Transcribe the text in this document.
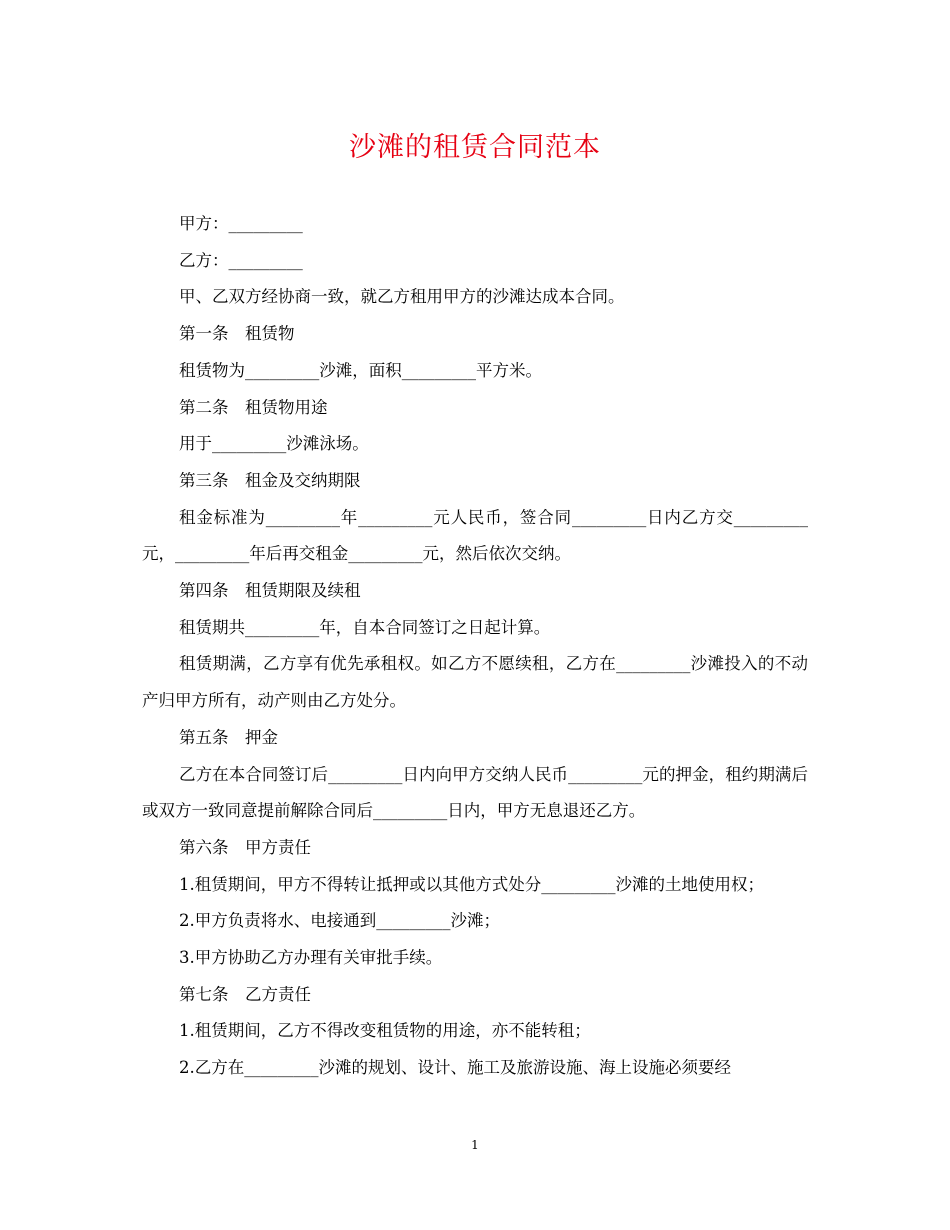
沙滩的租赁合同范本

甲方：_________

乙方：_________

甲、乙双方经协商一致，就乙方租用甲方的沙滩达成本合同。

第一条　租赁物

租赁物为_________沙滩，面积_________平方米。

第二条　租赁物用途

用于_________沙滩泳场。

第三条　租金及交纳期限

租金标准为_________年_________元人民币，签合同_________日内乙方交_________元，_________年后再交租金_________元，然后依次交纳。

第四条　租赁期限及续租

租赁期共_________年，自本合同签订之日起计算。

租赁期满，乙方享有优先承租权。如乙方不愿续租，乙方在_________沙滩投入的不动产归甲方所有，动产则由乙方处分。

第五条　押金

乙方在本合同签订后_________日内向甲方交纳人民币_________元的押金，租约期满后或双方一致同意提前解除合同后_________日内，甲方无息退还乙方。

第六条　甲方责任

1.租赁期间，甲方不得转让抵押或以其他方式处分_________沙滩的土地使用权；

2.甲方负责将水、电接通到_________沙滩；

3.甲方协助乙方办理有关审批手续。

第七条　乙方责任

1.租赁期间，乙方不得改变租赁物的用途，亦不能转租；

2.乙方在_________沙滩的规划、设计、施工及旅游设施、海上设施必须要经

1
